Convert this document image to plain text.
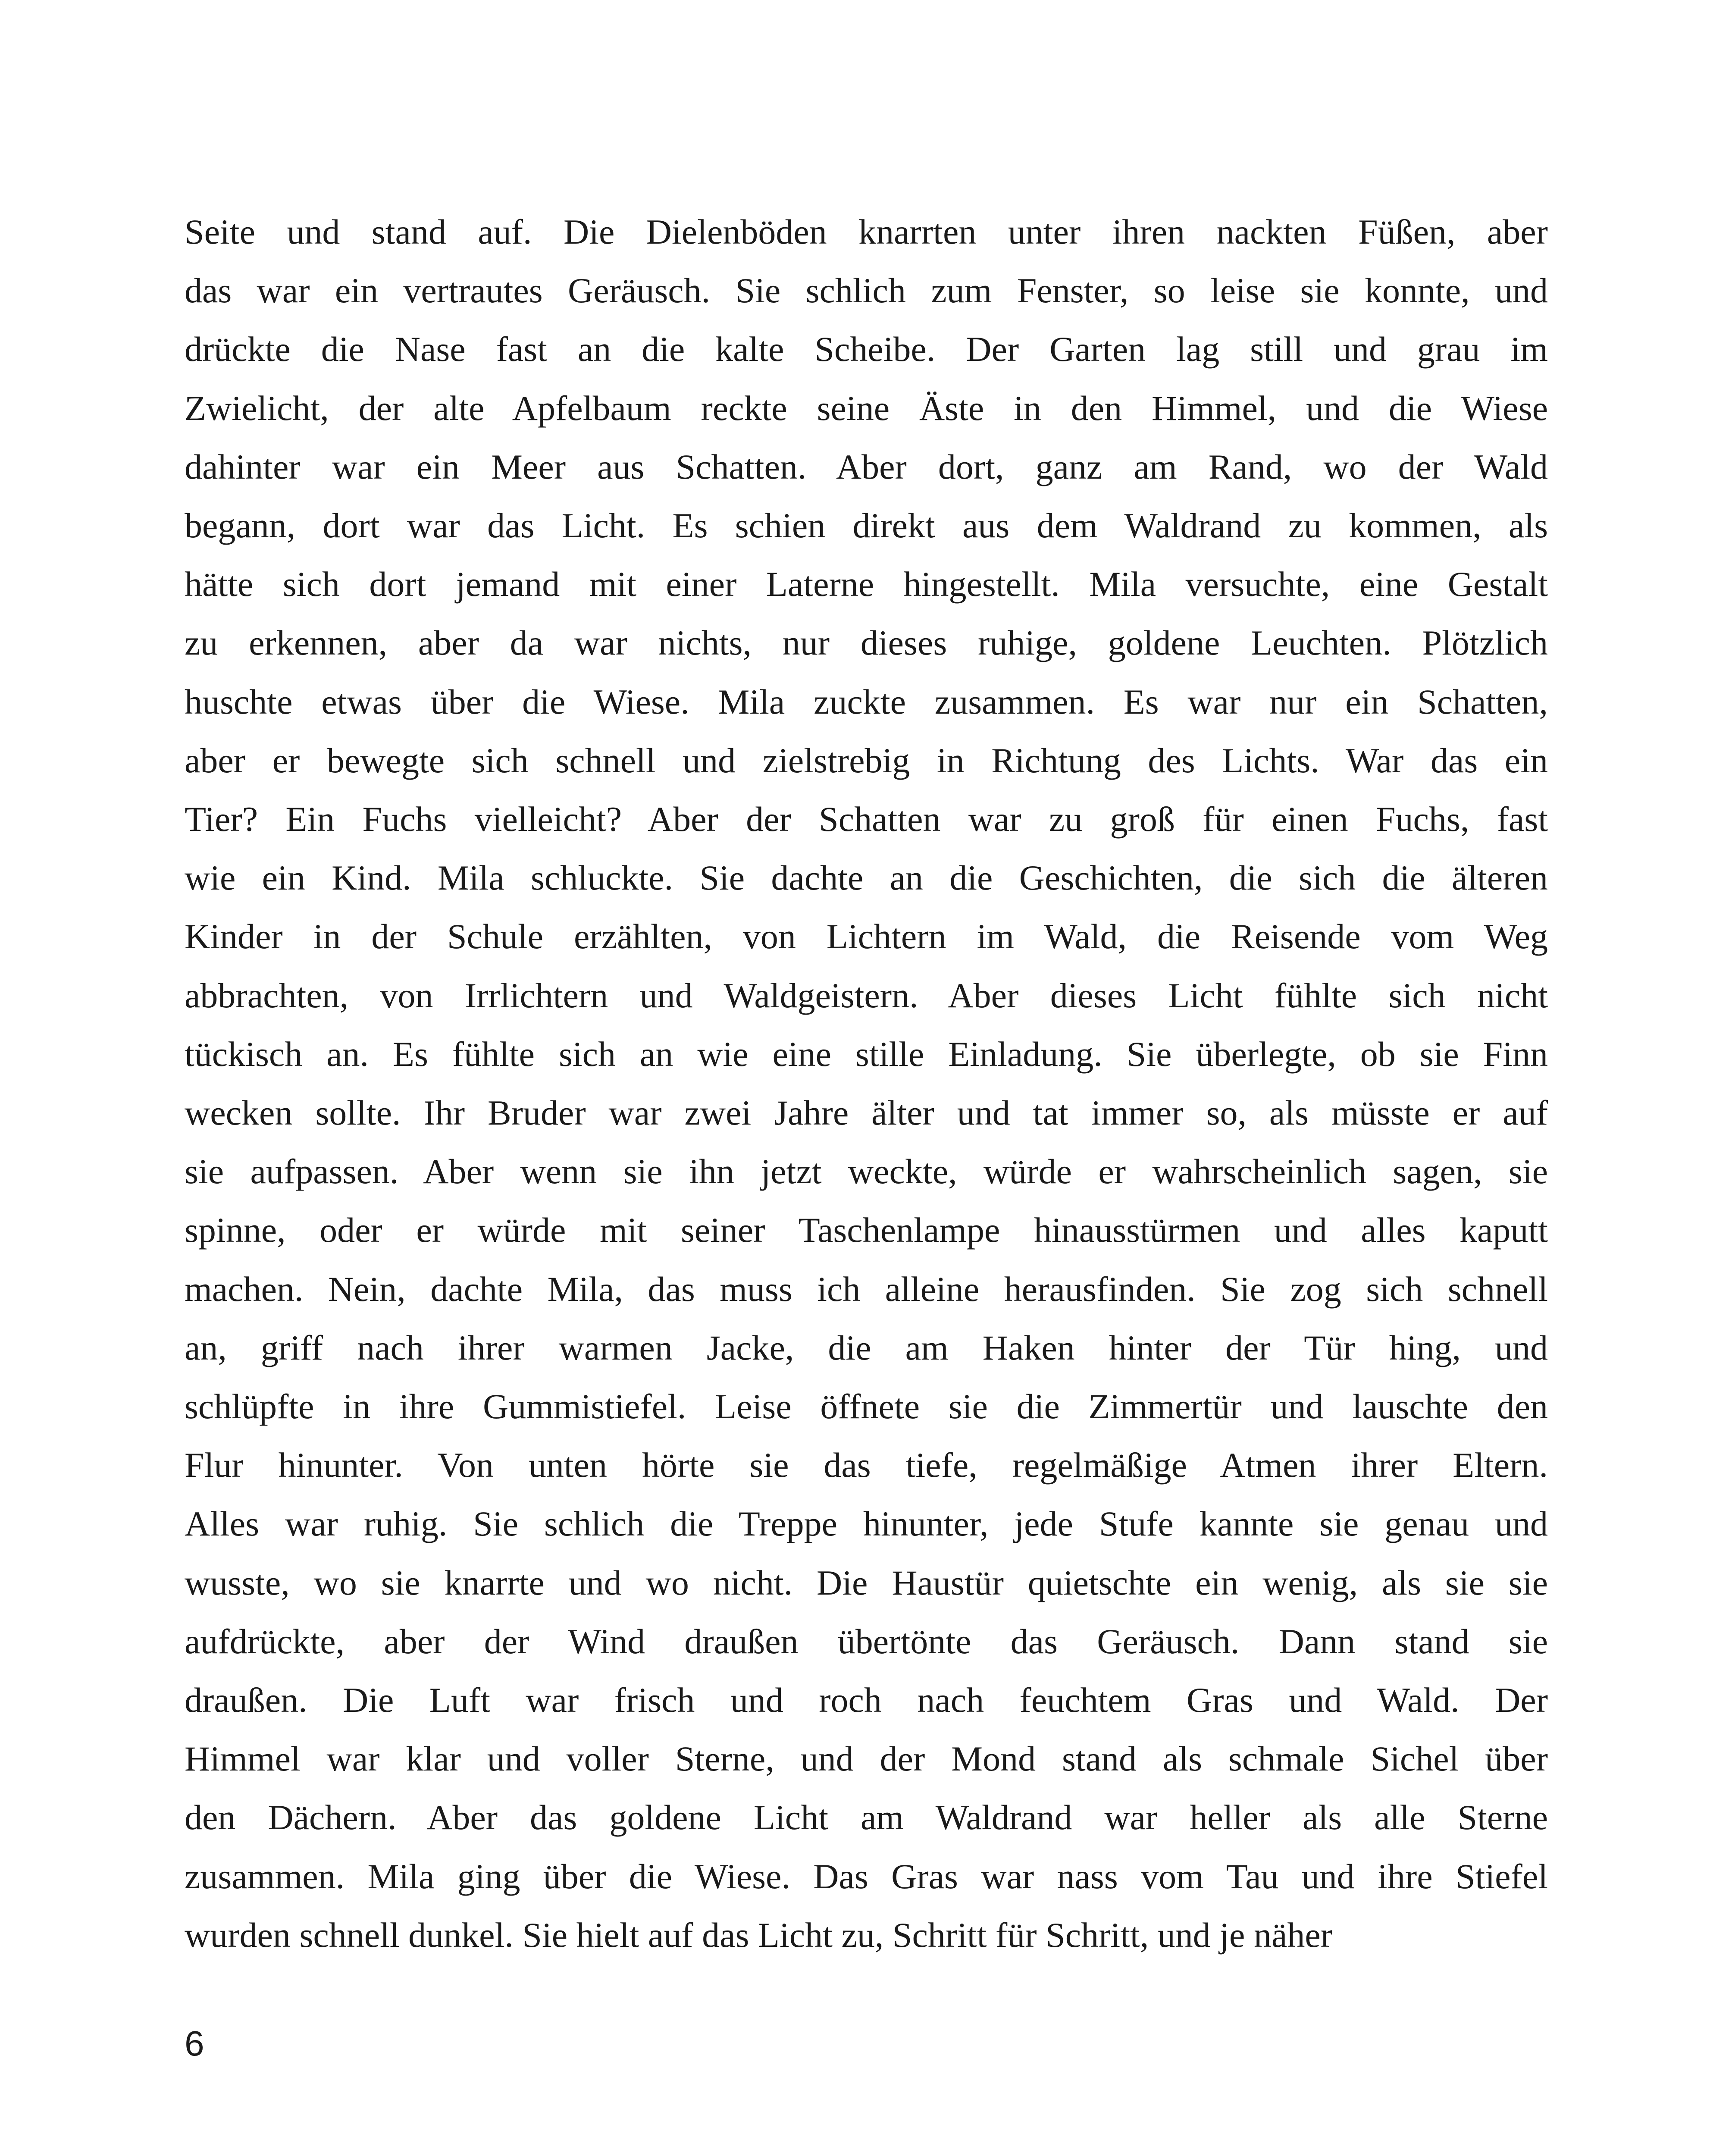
Seite und stand auf. Die Dielenböden knarrten unter ihren nackten Füßen, aber
das war ein vertrautes Geräusch. Sie schlich zum Fenster, so leise sie konnte, und
drückte die Nase fast an die kalte Scheibe. Der Garten lag still und grau im
Zwielicht, der alte Apfelbaum reckte seine Äste in den Himmel, und die Wiese
dahinter war ein Meer aus Schatten. Aber dort, ganz am Rand, wo der Wald
begann, dort war das Licht. Es schien direkt aus dem Waldrand zu kommen, als
hätte sich dort jemand mit einer Laterne hingestellt. Mila versuchte, eine Gestalt
zu erkennen, aber da war nichts, nur dieses ruhige, goldene Leuchten. Plötzlich
huschte etwas über die Wiese. Mila zuckte zusammen. Es war nur ein Schatten,
aber er bewegte sich schnell und zielstrebig in Richtung des Lichts. War das ein
Tier? Ein Fuchs vielleicht? Aber der Schatten war zu groß für einen Fuchs, fast
wie ein Kind. Mila schluckte. Sie dachte an die Geschichten, die sich die älteren
Kinder in der Schule erzählten, von Lichtern im Wald, die Reisende vom Weg
abbrachten, von Irrlichtern und Waldgeistern. Aber dieses Licht fühlte sich nicht
tückisch an. Es fühlte sich an wie eine stille Einladung. Sie überlegte, ob sie Finn
wecken sollte. Ihr Bruder war zwei Jahre älter und tat immer so, als müsste er auf
sie aufpassen. Aber wenn sie ihn jetzt weckte, würde er wahrscheinlich sagen, sie
spinne, oder er würde mit seiner Taschenlampe hinausstürmen und alles kaputt
machen. Nein, dachte Mila, das muss ich alleine herausfinden. Sie zog sich schnell
an, griff nach ihrer warmen Jacke, die am Haken hinter der Tür hing, und
schlüpfte in ihre Gummistiefel. Leise öffnete sie die Zimmertür und lauschte den
Flur hinunter. Von unten hörte sie das tiefe, regelmäßige Atmen ihrer Eltern.
Alles war ruhig. Sie schlich die Treppe hinunter, jede Stufe kannte sie genau und
wusste, wo sie knarrte und wo nicht. Die Haustür quietschte ein wenig, als sie sie
aufdrückte, aber der Wind draußen übertönte das Geräusch. Dann stand sie
draußen. Die Luft war frisch und roch nach feuchtem Gras und Wald. Der
Himmel war klar und voller Sterne, und der Mond stand als schmale Sichel über
den Dächern. Aber das goldene Licht am Waldrand war heller als alle Sterne
zusammen. Mila ging über die Wiese. Das Gras war nass vom Tau und ihre Stiefel
wurden schnell dunkel. Sie hielt auf das Licht zu, Schritt für Schritt, und je näher

6
